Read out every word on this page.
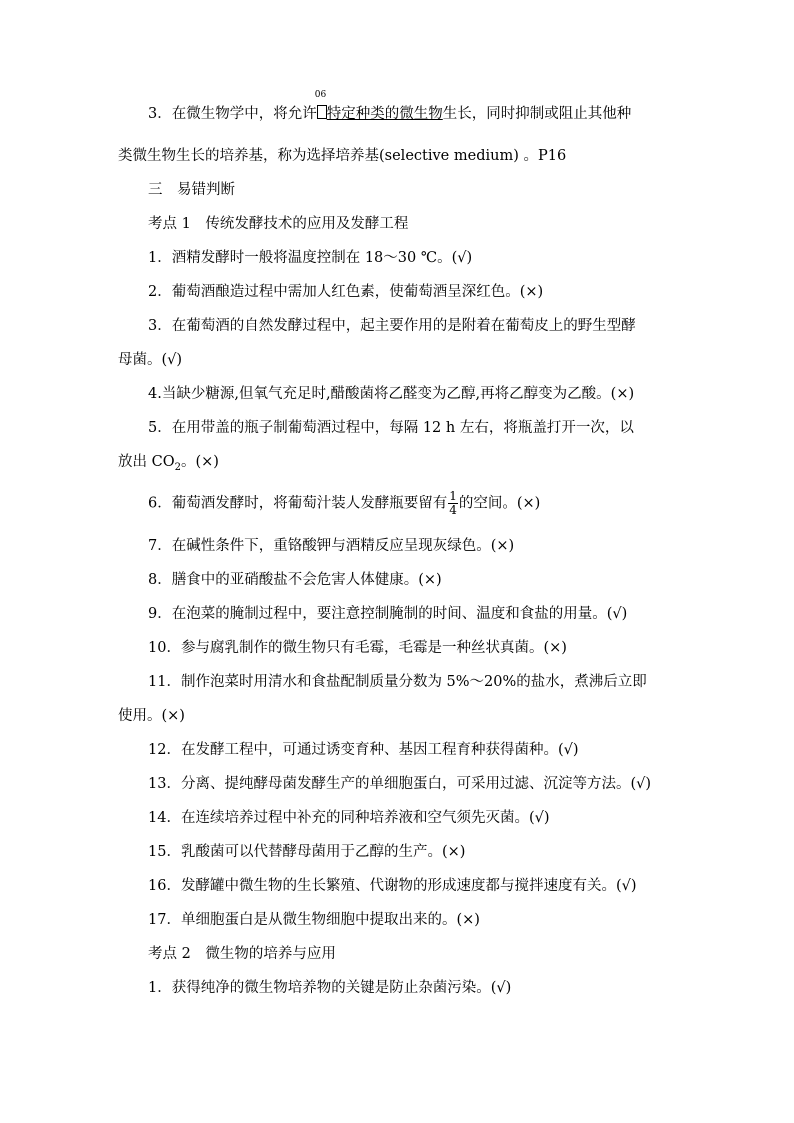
3．在微生物学中，将允许
06
特定种类的微生物生长，同时抑制或阻止其他种
类微生物生长的培养基，称为选择培养基(selective medium) 。P16
三　易错判断
考点 1　传统发酵技术的应用及发酵工程
1．酒精发酵时一般将温度控制在 18～30 ℃。(√)
2．葡萄酒酿造过程中需加人红色素，使葡萄酒呈深红色。(×)
3．在葡萄酒的自然发酵过程中，起主要作用的是附着在葡萄皮上的野生型酵
母菌。(√)
4.当缺少糖源,但氧气充足时,醋酸菌将乙醛变为乙醇,再将乙醇变为乙酸。(×)
5．在用带盖的瓶子制葡萄酒过程中，每隔 12 h 左右，将瓶盖打开一次，以
放出 $CO_2$。(×)
6．葡萄酒发酵时，将葡萄汁装人发酵瓶要留有 $\frac{1}{4}$ 的空间。(×)
7．在碱性条件下，重铬酸钾与酒精反应呈现灰绿色。(×)
8．膳食中的亚硝酸盐不会危害人体健康。(×)
9．在泡菜的腌制过程中，要注意控制腌制的时间、温度和食盐的用量。(√)
10．参与腐乳制作的微生物只有毛霉，毛霉是一种丝状真菌。(×)
11．制作泡菜时用清水和食盐配制质量分数为 5%～20%的盐水，煮沸后立即
使用。(×)
12．在发酵工程中，可通过诱变育种、基因工程育种获得菌种。(√)
13．分离、提纯酵母菌发酵生产的单细胞蛋白，可采用过滤、沉淀等方法。(√)
14．在连续培养过程中补充的同种培养液和空气须先灭菌。(√)
15．乳酸菌可以代替酵母菌用于乙醇的生产。(×)
16．发酵罐中微生物的生长繁殖、代谢物的形成速度都与搅拌速度有关。(√)
17．单细胞蛋白是从微生物细胞中提取出来的。(×)
考点 2　微生物的培养与应用
1．获得纯净的微生物培养物的关键是防止杂菌污染。(√)
